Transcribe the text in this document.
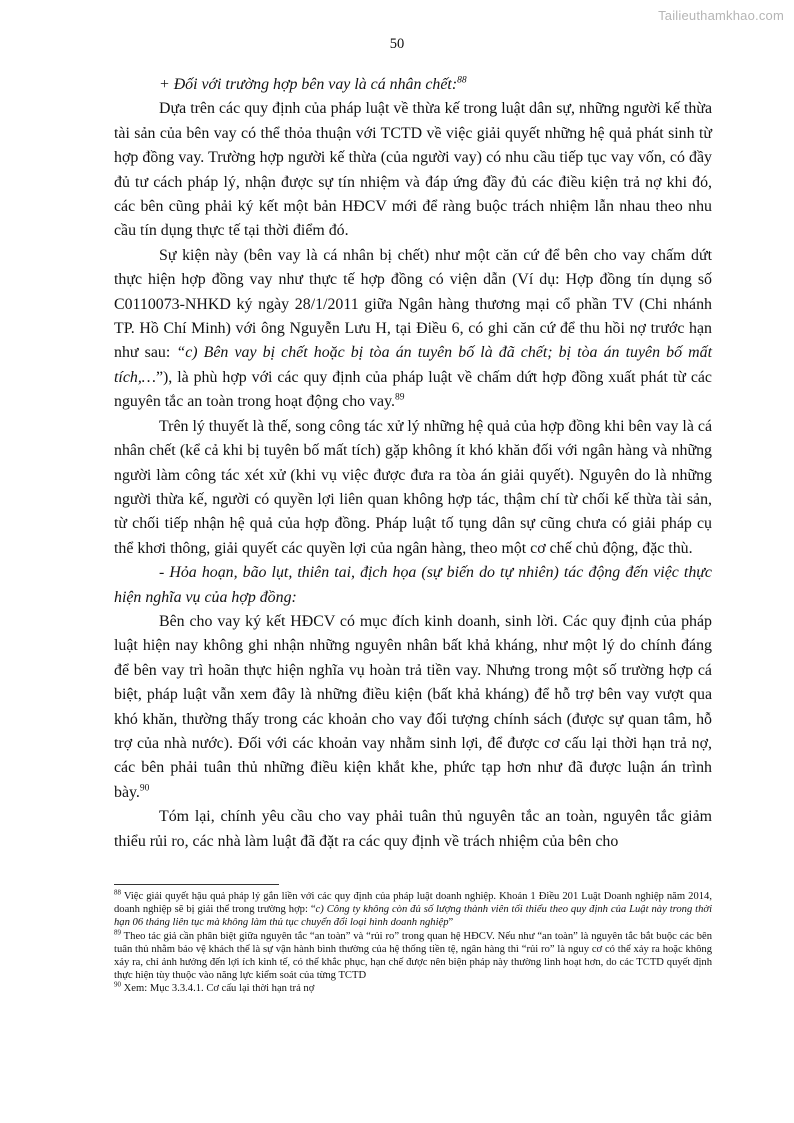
Tailieuthamkhao.com
50

+ Đối với trường hợp bên vay là cá nhân chết:$^{88}$

Dựa trên các quy định của pháp luật về thừa kế trong luật dân sự, những người kế thừa tài sản của bên vay có thể thỏa thuận với TCTD về việc giải quyết những hệ quả phát sinh từ hợp đồng vay. Trường hợp người kế thừa (của người vay) có nhu cầu tiếp tục vay vốn, có đầy đủ tư cách pháp lý, nhận được sự tín nhiệm và đáp ứng đầy đủ các điều kiện trả nợ khi đó, các bên cũng phải ký kết một bản HĐCV mới để ràng buộc trách nhiệm lẫn nhau theo nhu cầu tín dụng thực tế tại thời điểm đó.

Sự kiện này (bên vay là cá nhân bị chết) như một căn cứ để bên cho vay chấm dứt thực hiện hợp đồng vay như thực tế hợp đồng có viện dẫn (Ví dụ: Hợp đồng tín dụng số C0110073-NHKD ký ngày 28/1/2011 giữa Ngân hàng thương mại cổ phần TV (Chi nhánh TP. Hồ Chí Minh) với ông Nguyễn Lưu H, tại Điều 6, có ghi căn cứ để thu hồi nợ trước hạn như sau: “c) Bên vay bị chết hoặc bị tòa án tuyên bố là đã chết; bị tòa án tuyên bố mất tích,…”), là phù hợp với các quy định của pháp luật về chấm dứt hợp đồng xuất phát từ các nguyên tắc an toàn trong hoạt động cho vay.$^{89}$

Trên lý thuyết là thế, song công tác xử lý những hệ quả của hợp đồng khi bên vay là cá nhân chết (kể cả khi bị tuyên bố mất tích) gặp không ít khó khăn đối với ngân hàng và những người làm công tác xét xử (khi vụ việc được đưa ra tòa án giải quyết). Nguyên do là những người thừa kế, người có quyền lợi liên quan không hợp tác, thậm chí từ chối kế thừa tài sản, từ chối tiếp nhận hệ quả của hợp đồng. Pháp luật tố tụng dân sự cũng chưa có giải pháp cụ thể khơi thông, giải quyết các quyền lợi của ngân hàng, theo một cơ chế chủ động, đặc thù.

- Hỏa hoạn, bão lụt, thiên tai, địch họa (sự biến do tự nhiên) tác động đến việc thực hiện nghĩa vụ của hợp đồng:

Bên cho vay ký kết HĐCV có mục đích kinh doanh, sinh lời. Các quy định của pháp luật hiện nay không ghi nhận những nguyên nhân bất khả kháng, như một lý do chính đáng để bên vay trì hoãn thực hiện nghĩa vụ hoàn trả tiền vay. Nhưng trong một số trường hợp cá biệt, pháp luật vẫn xem đây là những điều kiện (bất khả kháng) để hỗ trợ bên vay vượt qua khó khăn, thường thấy trong các khoản cho vay đối tượng chính sách (được sự quan tâm, hỗ trợ của nhà nước). Đối với các khoản vay nhằm sinh lợi, để được cơ cấu lại thời hạn trả nợ, các bên phải tuân thủ những điều kiện khắt khe, phức tạp hơn như đã được luận án trình bày.$^{90}$

Tóm lại, chính yêu cầu cho vay phải tuân thủ nguyên tắc an toàn, nguyên tắc giảm thiểu rủi ro, các nhà làm luật đã đặt ra các quy định về trách nhiệm của bên cho

$^{88}$ Việc giải quyết hậu quả pháp lý gắn liền với các quy định của pháp luật doanh nghiệp. Khoản 1 Điều 201 Luật Doanh nghiệp năm 2014, doanh nghiệp sẽ bị giải thể trong trường hợp: “c) Công ty không còn đủ số lượng thành viên tối thiểu theo quy định của Luật này trong thời hạn 06 tháng liên tục mà không làm thủ tục chuyển đổi loại hình doanh nghiệp”

$^{89}$ Theo tác giả cần phân biệt giữa nguyên tắc “an toàn” và “rủi ro” trong quan hệ HĐCV. Nếu như “an toàn” là nguyên tắc bắt buộc các bên tuân thủ nhằm bảo vệ khách thể là sự vận hành bình thường của hệ thống tiền tệ, ngân hàng thì “rủi ro” là nguy cơ có thể xảy ra hoặc không xảy ra, chỉ ảnh hưởng đến lợi ích kinh tế, có thể khắc phục, hạn chế được nên biện pháp này thường linh hoạt hơn, do các TCTD quyết định thực hiện tùy thuộc vào năng lực kiểm soát của từng TCTD

$^{90}$ Xem: Mục 3.3.4.1. Cơ cấu lại thời hạn trả nợ
